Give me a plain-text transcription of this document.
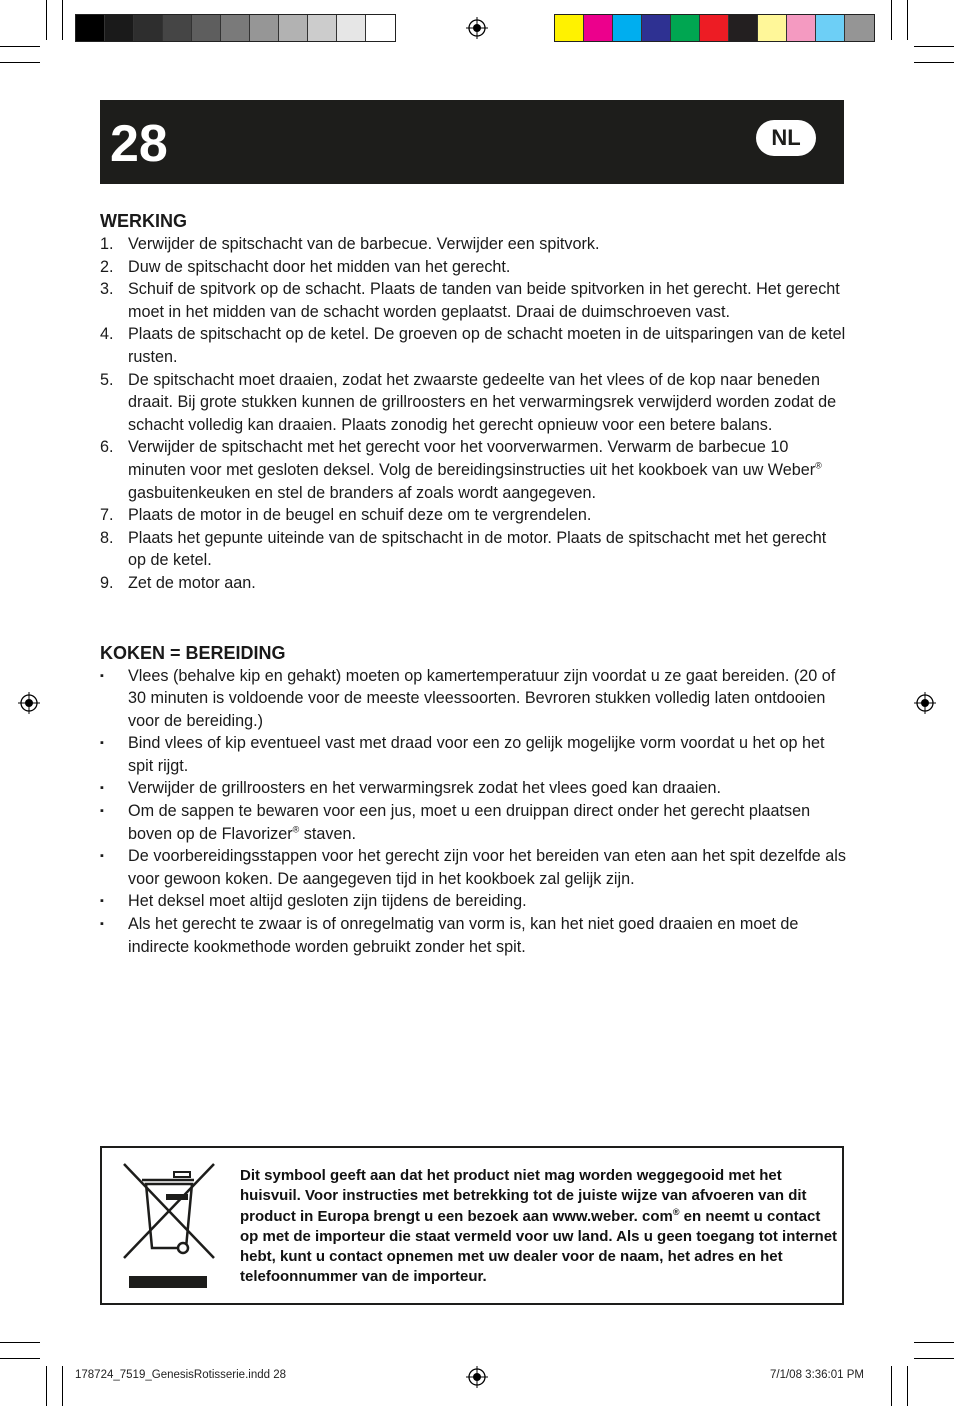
28	NL
WERKING
1. Verwijder de spitschacht van de barbecue. Verwijder een spitvork.
2. Duw de spitschacht door het midden van het gerecht.
3. Schuif de spitvork op de schacht. Plaats de tanden van beide spitvorken in het gerecht. Het gerecht moet in het midden van de schacht worden geplaatst. Draai de duimschroeven vast.
4. Plaats de spitschacht op de ketel. De groeven op de schacht moeten in de uitsparingen van de ketel rusten.
5. De spitschacht moet draaien, zodat het zwaarste gedeelte van het vlees of de kop naar beneden draait. Bij grote stukken kunnen de grillroosters en het verwarmingsrek verwijderd worden zodat de schacht volledig kan draaien. Plaats zonodig het gerecht opnieuw voor een betere balans.
6. Verwijder de spitschacht met het gerecht voor het voorverwarmen. Verwarm de barbecue 10 minuten voor met gesloten deksel. Volg de bereidingsinstructies uit het kookboek van uw Weber® gasbuitenkeuken en stel de branders af zoals wordt aangegeven.
7. Plaats de motor in de beugel en schuif deze om te vergrendelen.
8. Plaats het gepunte uiteinde van de spitschacht in de motor. Plaats de spitschacht met het gerecht op de ketel.
9. Zet de motor aan.
KOKEN = BEREIDING
▪ Vlees (behalve kip en gehakt) moeten op kamertemperatuur zijn voordat u ze gaat bereiden. (20 of 30 minuten is voldoende voor de meeste vleessoorten. Bevroren stukken volledig laten ontdooien voor de bereiding.)
▪ Bind vlees of kip eventueel vast met draad voor een zo gelijk mogelijke vorm voordat u het op het spit rijgt.
▪ Verwijder de grillroosters en het verwarmingsrek zodat het vlees goed kan draaien.
▪ Om de sappen te bewaren voor een jus, moet u een druippan direct onder het gerecht plaatsen boven op de Flavorizer® staven.
▪ De voorbereidingsstappen voor het gerecht zijn voor het bereiden van eten aan het spit dezelfde als voor gewoon koken. De aangegeven tijd in het kookboek zal gelijk zijn.
▪ Het deksel moet altijd gesloten zijn tijdens de bereiding.
▪ Als het gerecht te zwaar is of onregelmatig van vorm is, kan het niet goed draaien en moet de indirecte kookmethode worden gebruikt zonder het spit.
Dit symbool geeft aan dat het product niet mag worden weggegooid met het huisvuil. Voor instructies met betrekking tot de juiste wijze van afvoeren van dit product in Europa brengt u een bezoek aan www.weber. com® en neemt u contact op met de importeur die staat vermeld voor uw land. Als u geen toegang tot internet hebt, kunt u contact opnemen met uw dealer voor de naam, het adres en het telefoonnummer van de importeur.
178724_7519_GenesisRotisserie.indd 28	7/1/08 3:36:01 PM
